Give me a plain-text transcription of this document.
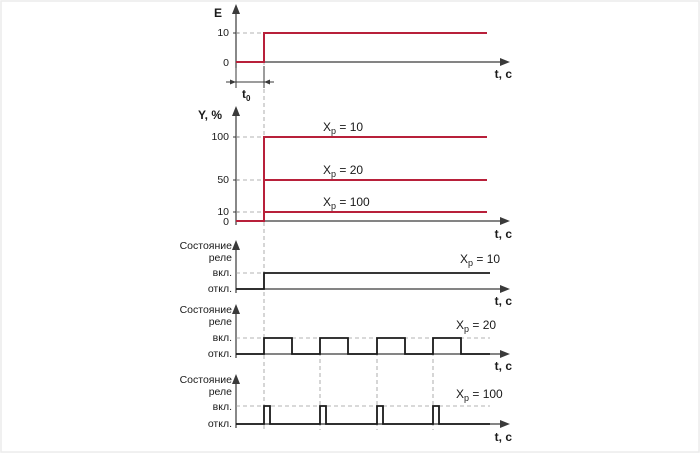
E
10
0
t, с
$t_0$
Y, %
100
50
10
0
$X_p = 10$
$X_p = 20$
$X_p = 100$
t, с
Состояние
реле
вкл.
откл.
$X_p = 10$
t, с
Состояние
реле
вкл.
откл.
$X_p = 20$
t, с
Состояние
реле
вкл.
откл.
$X_p = 100$
t, с
